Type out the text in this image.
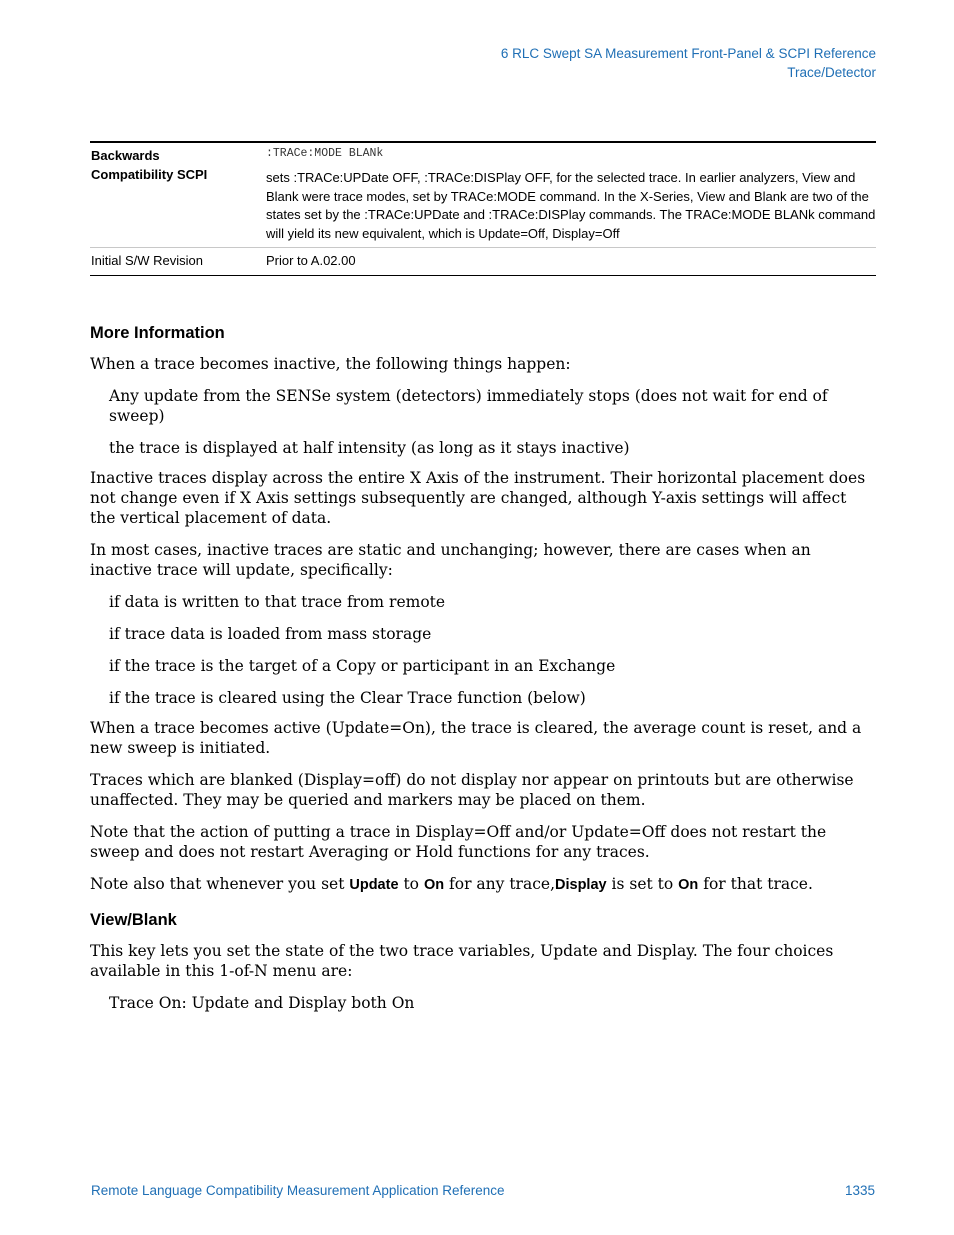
6 RLC Swept SA Measurement Front-Panel & SCPI Reference
Trace/Detector
Backwards Compatibility SCPI	:TRACe:MODE BLANk
sets :TRACe:UPDate OFF, :TRACe:DISPlay OFF, for the selected trace. In earlier analyzers, View and Blank were trace modes, set by TRACe:MODE command. In the X-Series, View and Blank are two of the states set by the :TRACe:UPDate and :TRACe:DISPlay commands. The TRACe:MODE BLANk command will yield its new equivalent, which is Update=Off, Display=Off

Initial S/W Revision	Prior to A.02.00
More Information

When a trace becomes inactive, the following things happen:

Any update from the SENSe system (detectors) immediately stops (does not wait for end of sweep)

the trace is displayed at half intensity (as long as it stays inactive)

Inactive traces display across the entire X Axis of the instrument. Their horizontal placement does not change even if X Axis settings subsequently are changed, although Y-axis settings will affect the vertical placement of data.

In most cases, inactive traces are static and unchanging; however, there are cases when an inactive trace will update, specifically:

if data is written to that trace from remote

if trace data is loaded from mass storage

if the trace is the target of a Copy or participant in an Exchange

if the trace is cleared using the Clear Trace function (below)

When a trace becomes active (Update=On), the trace is cleared, the average count is reset, and a new sweep is initiated.

Traces which are blanked (Display=off) do not display nor appear on printouts but are otherwise unaffected. They may be queried and markers may be placed on them.

Note that the action of putting a trace in Display=Off and/or Update=Off does not restart the sweep and does not restart Averaging or Hold functions for any traces.

Note also that whenever you set Update to On for any trace,Display is set to On for that trace.

View/Blank

This key lets you set the state of the two trace variables, Update and Display. The four choices available in this 1-of-N menu are:

Trace On: Update and Display both On

Remote Language Compatibility Measurement Application Reference	1335
